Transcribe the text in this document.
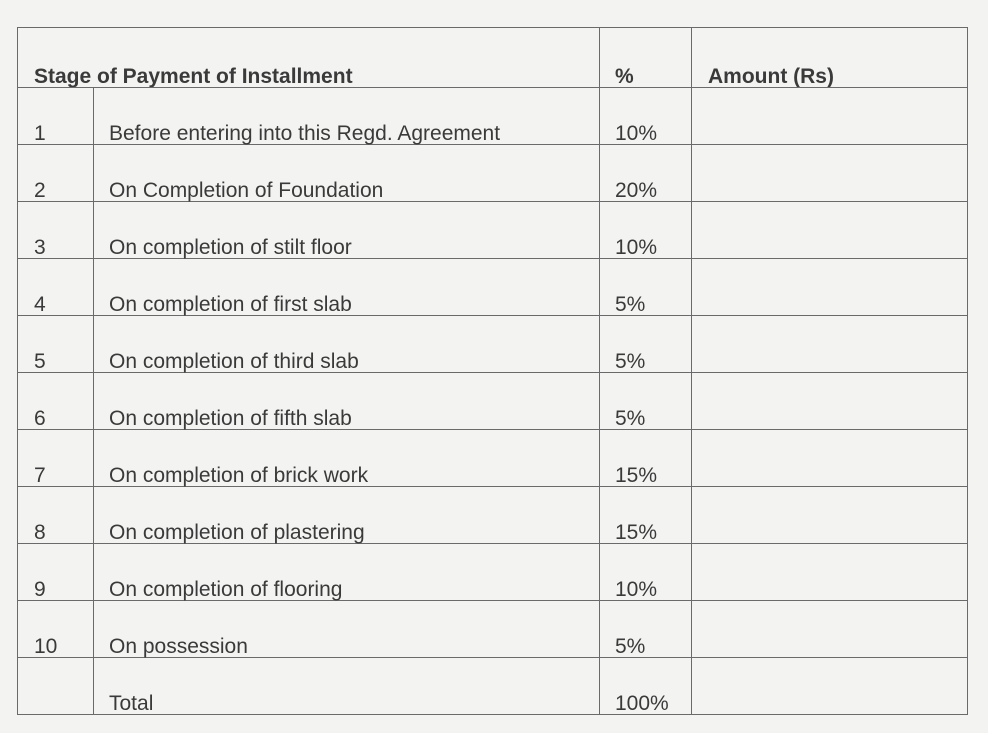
Stage of Payment of Installment	%	Amount (Rs)

1 Before entering into this Regd. Agreement	10%	

2 On Completion of Foundation	20%	

3 On completion of stilt floor	10%	

4 On completion of first slab	5%	

5 On completion of third slab	5%	

6 On completion of fifth slab	5%	

7 On completion of brick work	15%	

8 On completion of plastering	15%	

9 On completion of flooring	10%	

10 On possession	5%	

Total	100%	
